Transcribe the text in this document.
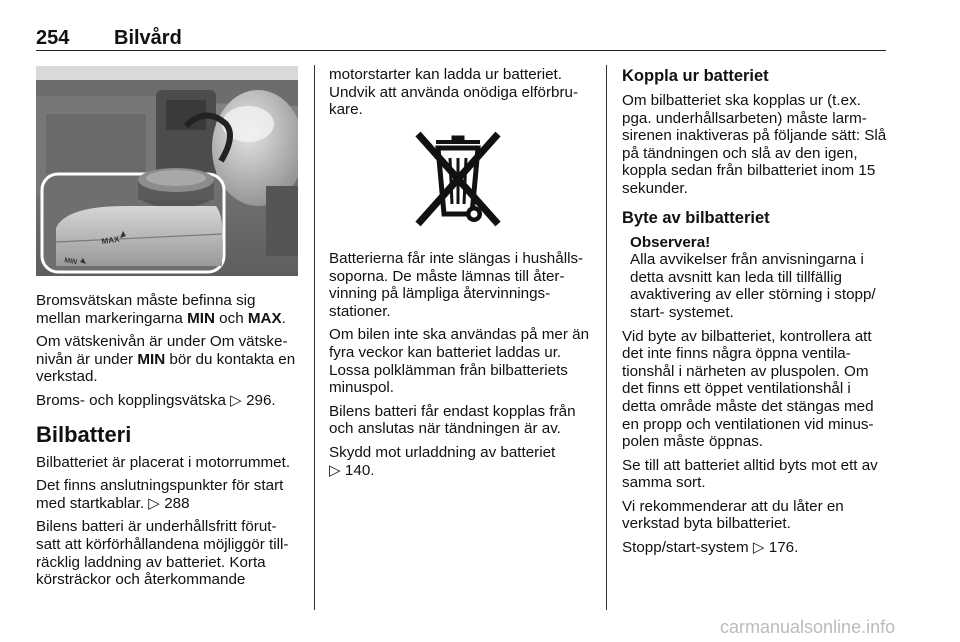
254 Bilvård
MAX
MIN

Bromsvätskan måste befinna sig mellan markeringarna MIN och MAX.

Om vätskenivån är under Om vätske-nivån är under MIN bör du kontakta en verkstad.

Broms- och kopplingsvätska ▷ 296.

Bilbatteri

Bilbatteriet är placerat i motorrummet.

Det finns anslutningspunkter för start med startkablar. ▷ 288

Bilens batteri är underhållsfritt förut-satt att körförhållandena möjliggör till-räcklig laddning av batteriet. Korta körsträckor och återkommande

motorstarter kan ladda ur batteriet. Undvik att använda onödiga elförbru-kare.

Batterierna får inte slängas i hushålls-soporna. De måste lämnas till åter-vinning på lämpliga återvinnings-stationer.

Om bilen inte ska användas på mer än fyra veckor kan batteriet laddas ur. Lossa polklämman från bilbatteriets minuspol.

Bilens batteri får endast kopplas från och anslutas när tändningen är av.

Skydd mot urladdning av batteriet ▷ 140.

Koppla ur batteriet

Om bilbatteriet ska kopplas ur (t.ex. pga. underhållsarbeten) måste larm-sirenen inaktiveras på följande sätt: Slå på tändningen och slå av den igen, koppla sedan från bilbatteriet inom 15 sekunder.

Byte av bilbatteriet
Observera!
Alla avvikelser från anvisningarna i detta avsnitt kan leda till tillfällig avaktivering av eller störning i stopp/ start- systemet.

Vid byte av bilbatteriet, kontrollera att det inte finns några öppna ventila-tionshål i närheten av pluspolen. Om det finns ett öppet ventilationshål i detta område måste det stängas med en propp och ventilationen vid minus-polen måste öppnas.

Se till att batteriet alltid byts mot ett av samma sort.

Vi rekommenderar att du låter en verkstad byta bilbatteriet.

Stopp/start-system ▷ 176.

carmanualsonline.info
